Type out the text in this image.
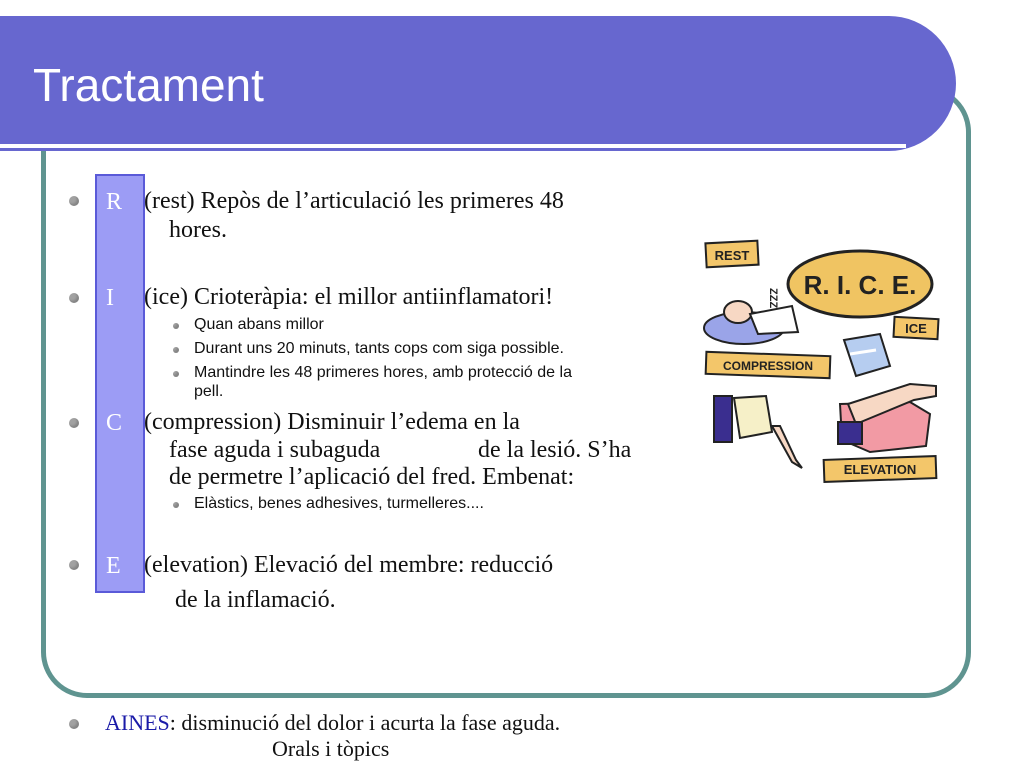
Tractament
R (rest) Repòs de l’articulació les primeres 48
hores.
I (ice) Crioteràpia: el millor antiinflamatori!
Quan abans millor
Durant uns 20 minuts, tants cops com siga possible.
Mantindre les 48 primeres hores, amb protecció de la
pell.
C (compression) Disminuir l’edema en la
fase aguda i subaguda	de la lesió. S’ha
de permetre l’aplicació del fred. Embenat:
Elàstics, benes adhesives, turmelleres....
E (elevation) Elevació del membre: reducció
de la inflamació.
AINES: disminució del dolor i acurta la fase aguda.
Orals i tòpics
REST
ZZZ R. I. C. E.
ICE
COMPRESSION
ELEVATION
